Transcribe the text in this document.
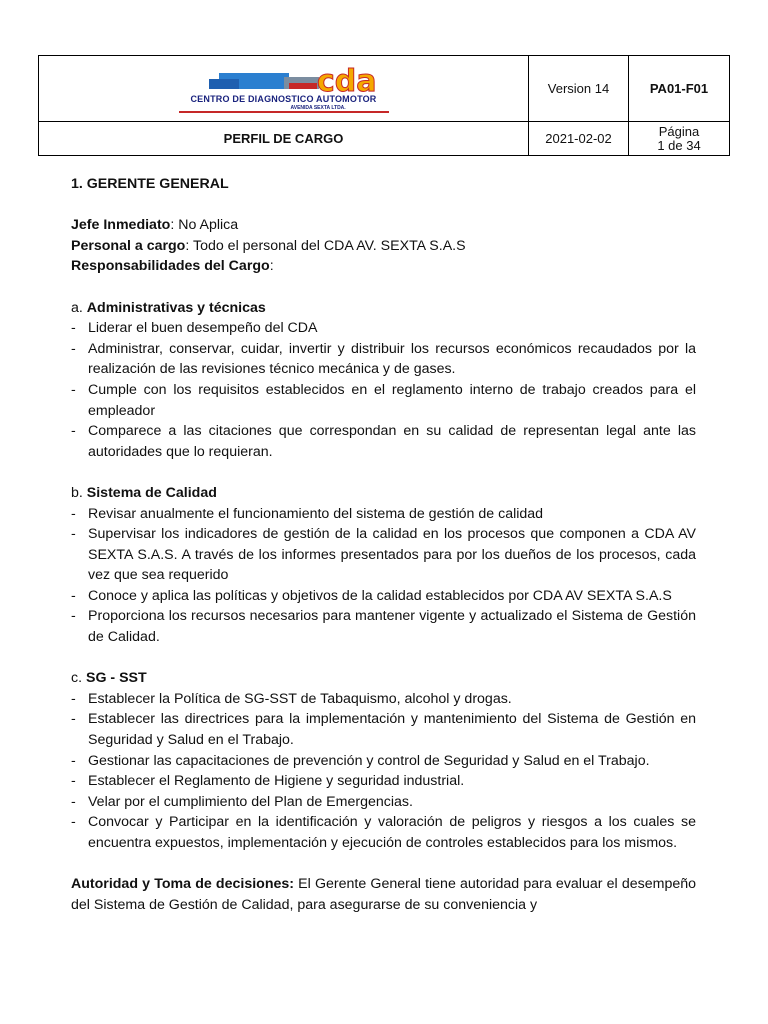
cda
CENTRO DE DIAGNOSTICO AUTOMOTOR
AVENIDA SEXTA LTDA.	Version 14	PA01-F01
PERFIL DE CARGO	2021-02-02	Página
1 de 34

1. GERENTE GENERAL

Jefe Inmediato: No Aplica

Personal a cargo: Todo el personal del CDA AV. SEXTA S.A.S

Responsabilidades del Cargo:

a. Administrativas y técnicas

- Liderar el buen desempeño del CDA
- Administrar, conservar, cuidar, invertir y distribuir los recursos económicos recaudados por la realización de las revisiones técnico mecánica y de gases.
- Cumple con los requisitos establecidos en el reglamento interno de trabajo creados para el empleador
- Comparece a las citaciones que correspondan en su calidad de representan legal ante las autoridades que lo requieran.

b. Sistema de Calidad

- Revisar anualmente el funcionamiento del sistema de gestión de calidad
- Supervisar los indicadores de gestión de la calidad en los procesos que componen a CDA AV SEXTA S.A.S. A través de los informes presentados para por los dueños de los procesos, cada vez que sea requerido
- Conoce y aplica las políticas y objetivos de la calidad establecidos por CDA AV SEXTA S.A.S
- Proporciona los recursos necesarios para mantener vigente y actualizado el Sistema de Gestión de Calidad.

c. SG - SST

- Establecer la Política de SG-SST de Tabaquismo, alcohol y drogas.
- Establecer las directrices para la implementación y mantenimiento del Sistema de Gestión en Seguridad y Salud en el Trabajo.
- Gestionar las capacitaciones de prevención y control de Seguridad y Salud en el Trabajo.
- Establecer el Reglamento de Higiene y seguridad industrial.
- Velar por el cumplimiento del Plan de Emergencias.
- Convocar y Participar en la identificación y valoración de peligros y riesgos a los cuales se encuentra expuestos, implementación y ejecución de controles establecidos para los mismos.

Autoridad y Toma de decisiones: El Gerente General tiene autoridad para evaluar el desempeño del Sistema de Gestión de Calidad, para asegurarse de su conveniencia y
